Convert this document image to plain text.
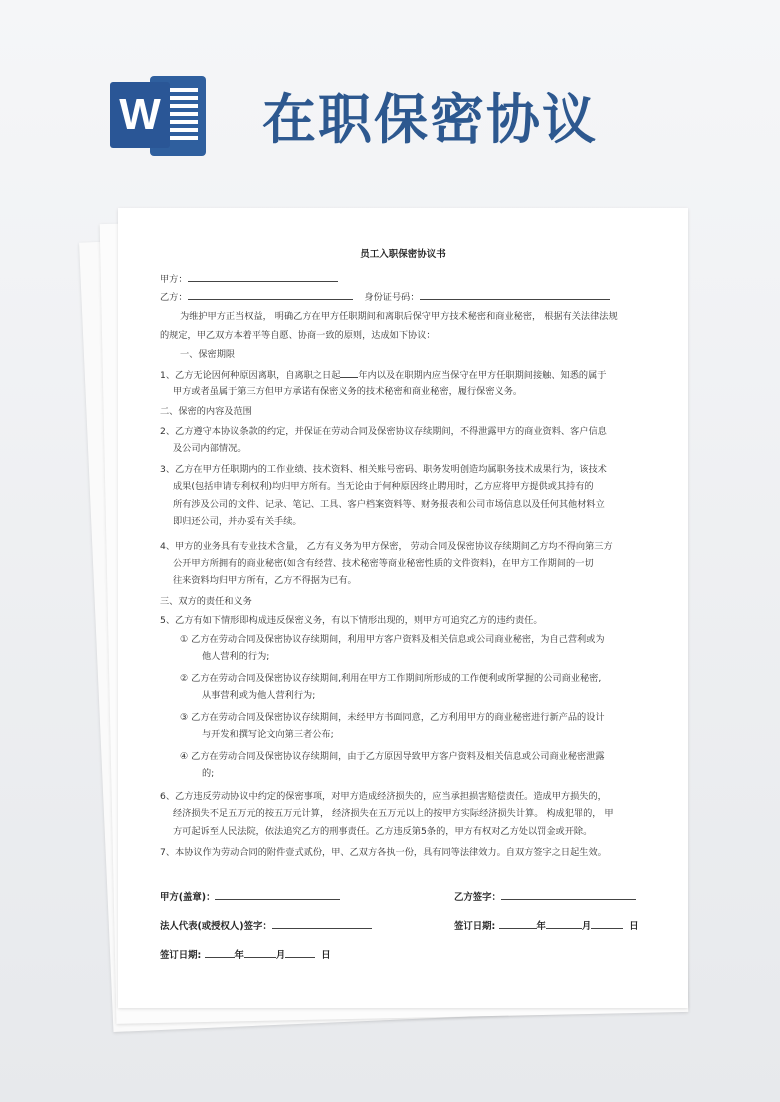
W 在职保密协议
员工入职保密协议书
甲方：
乙方：	身份证号码：
为维护甲方正当权益， 明确乙方在甲方任职期间和离职后保守甲方技术秘密和商业秘密， 根据有关法律法规
的规定，甲乙双方本着平等自愿、协商一致的原则，达成如下协议：
一、保密期限
1、乙方无论因何种原因离职，自离职之日起 年内以及在职期内应当保守在甲方任职期间接触、知悉的属于
甲方或者虽属于第三方但甲方承诺有保密义务的技术秘密和商业秘密，履行保密义务。
二、保密的内容及范围
2、乙方遵守本协议条款的约定，并保证在劳动合同及保密协议存续期间，不得泄露甲方的商业资料、客户信息
及公司内部情况。
3、乙方在甲方任职期内的工作业绩、技术资料、相关账号密码、职务发明创造均属职务技术成果行为，该技术
成果(包括申请专利权利)均归甲方所有。当无论由于何种原因终止聘用时，乙方应将甲方提供或其持有的
所有涉及公司的文件、记录、笔记、工具、客户档案资料等、财务报表和公司市场信息以及任何其他材料立
即归还公司，并办妥有关手续。
4、甲方的业务具有专业技术含量， 乙方有义务为甲方保密， 劳动合同及保密协议存续期间乙方均不得向第三方
公开甲方所拥有的商业秘密(如含有经营、技术秘密等商业秘密性质的文件资料)，在甲方工作期间的一切
往来资料均归甲方所有，乙方不得据为已有。
三、双方的责任和义务
5、乙方有如下情形即构成违反保密义务，有以下情形出现的，则甲方可追究乙方的违约责任。
① 乙方在劳动合同及保密协议存续期间，利用甲方客户资料及相关信息或公司商业秘密，为自己营利或为
他人营利的行为;
② 乙方在劳动合同及保密协议存续期间,利用在甲方工作期间所形成的工作便利或所掌握的公司商业秘密,
从事营利或为他人营利行为;
③ 乙方在劳动合同及保密协议存续期间，未经甲方书面同意，乙方利用甲方的商业秘密进行新产品的设计
与开发和撰写论文向第三者公布;
④ 乙方在劳动合同及保密协议存续期间，由于乙方原因导致甲方客户资料及相关信息或公司商业秘密泄露
的;
6、乙方违反劳动协议中约定的保密事项，对甲方造成经济损失的，应当承担损害赔偿责任。造成甲方损失的，
经济损失不足五万元的按五万元计算， 经济损失在五万元以上的按甲方实际经济损失计算。 构成犯罪的， 甲
方可起诉至人民法院，依法追究乙方的刑事责任。乙方违反第5条的，甲方有权对乙方处以罚金或开除。
7、本协议作为劳动合同的附件壹式贰份，甲、乙双方各执一份，具有同等法律效力。自双方签字之日起生效。
甲方(盖章)：	乙方签字：
法人代表(或授权人)签字：	签订日期:	年	月	日
签订日期:	年	月	日
